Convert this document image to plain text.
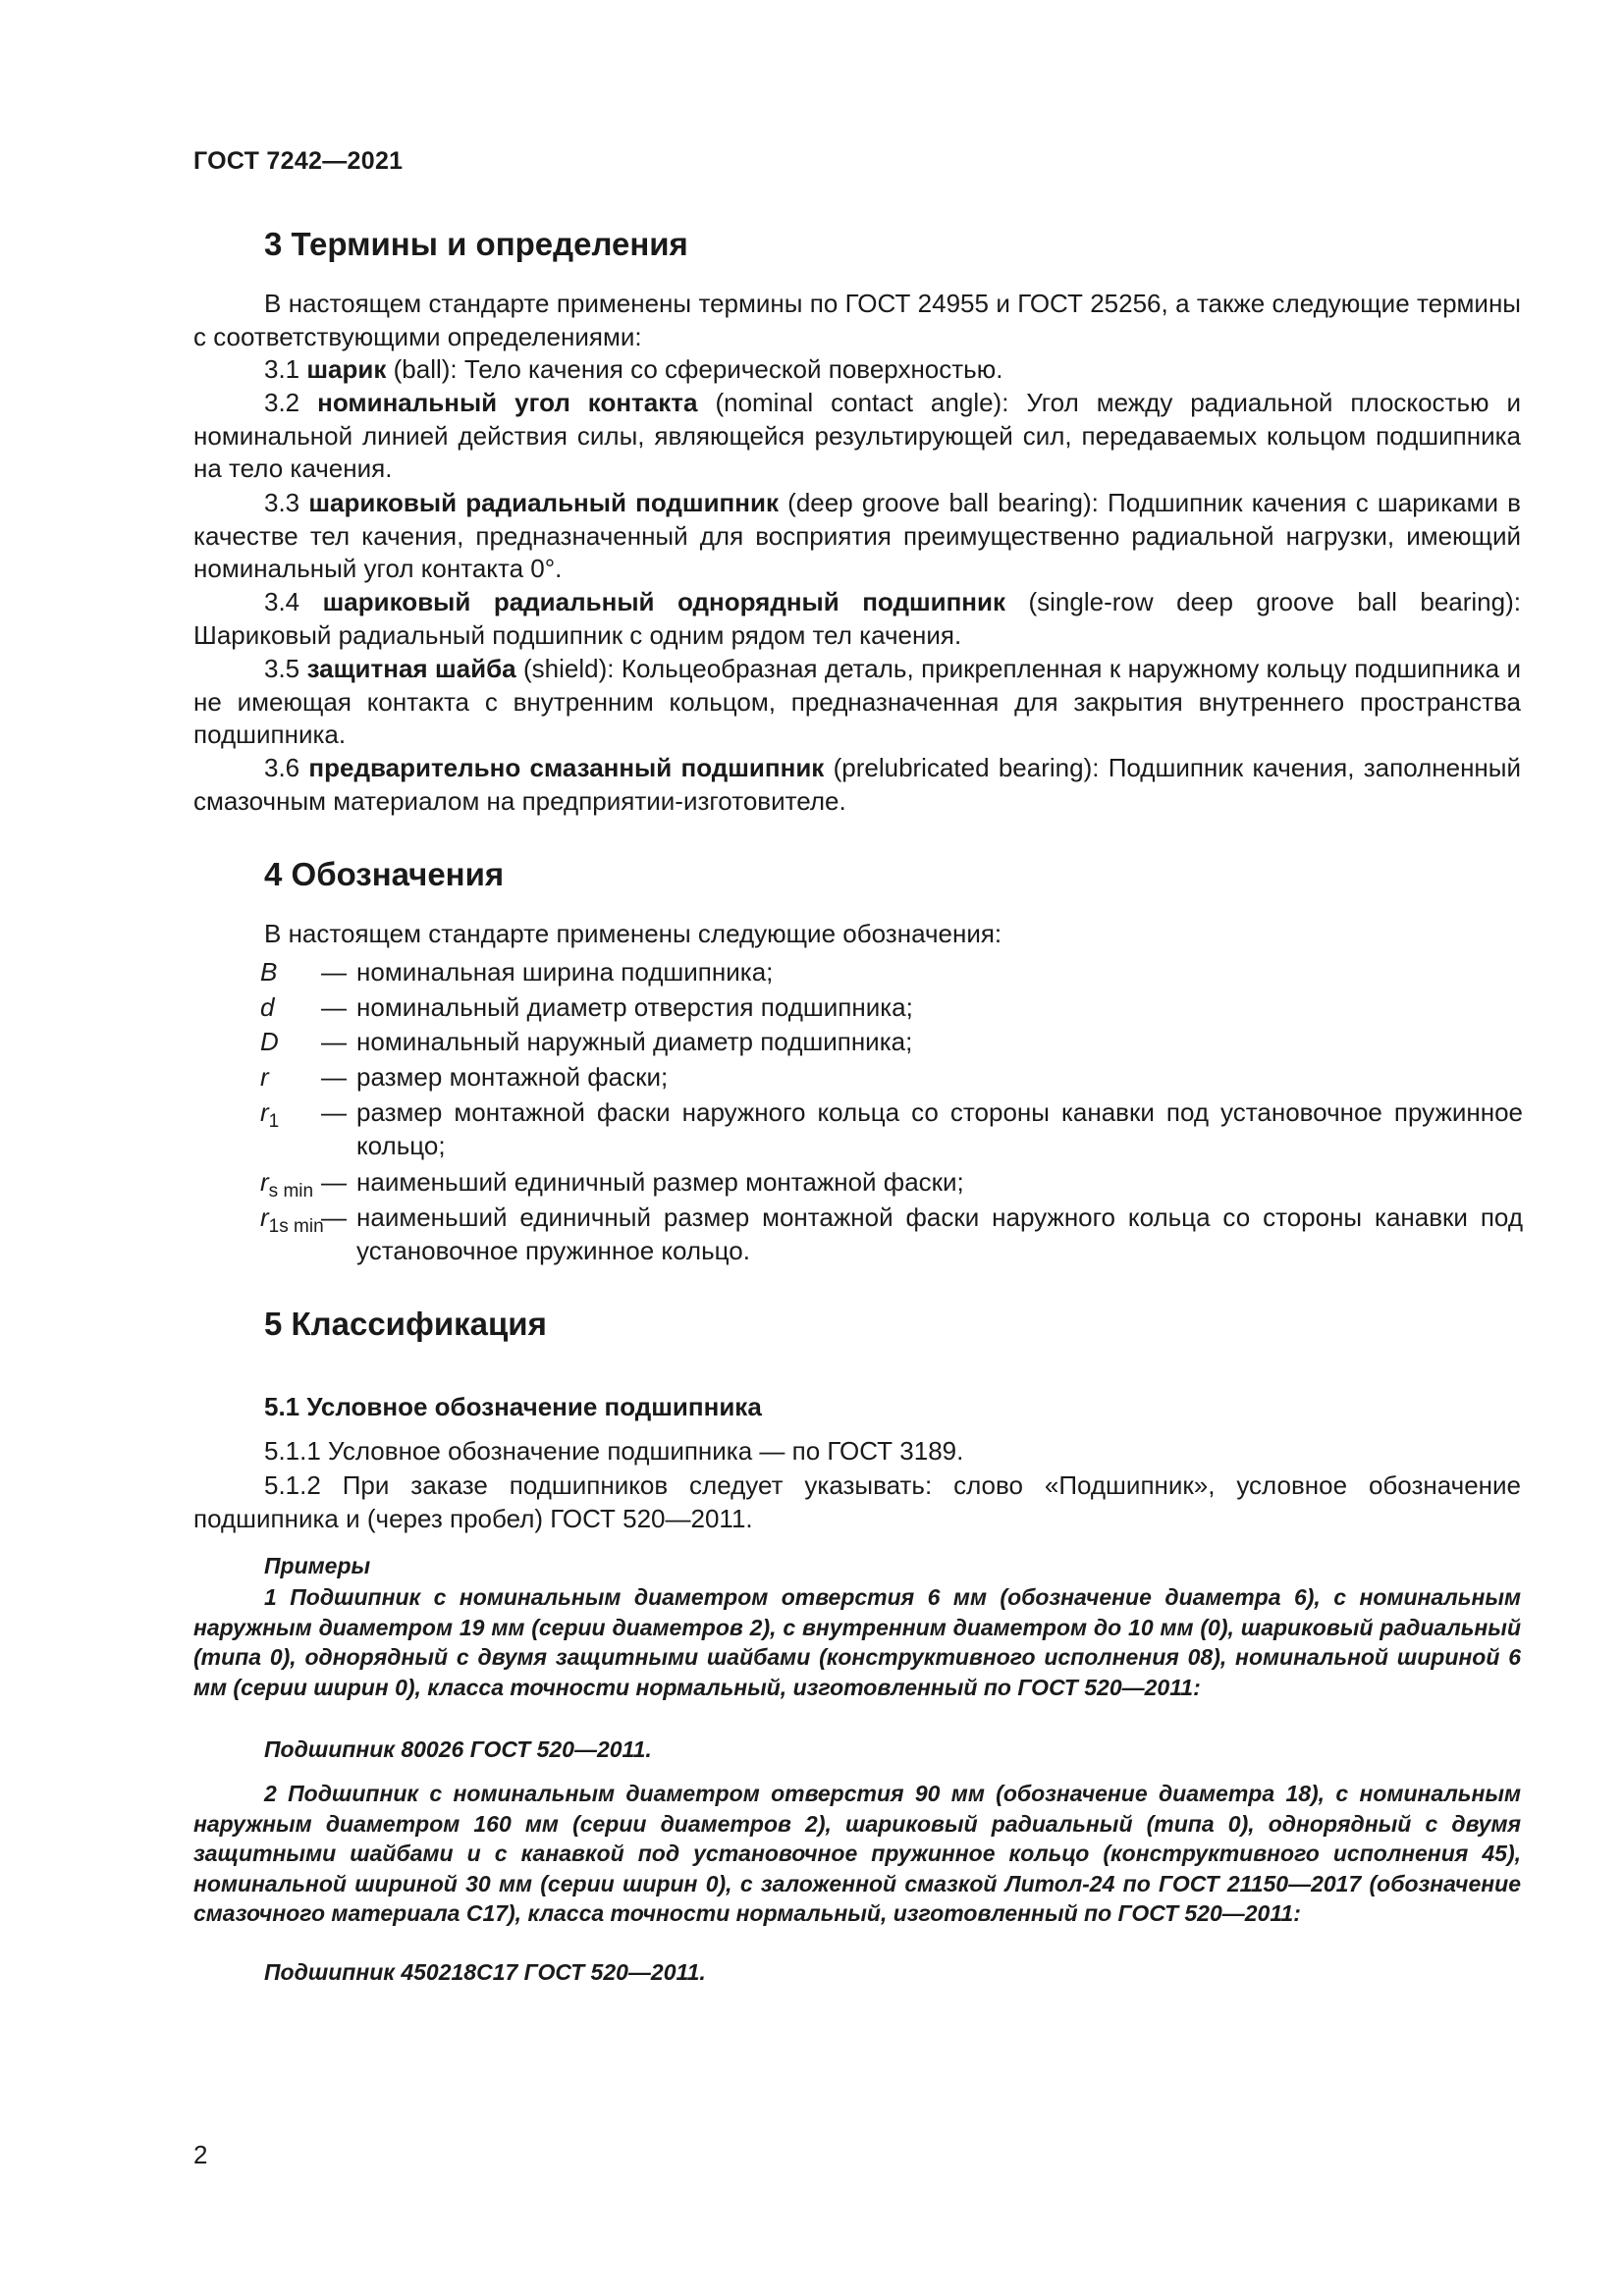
ГОСТ 7242—2021
3 Термины и определения

В настоящем стандарте применены термины по ГОСТ 24955 и ГОСТ 25256, а также следующие термины с соответствующими определениями:

3.1 шарик (ball): Тело качения со сферической поверхностью.

3.2 номинальный угол контакта (nominal contact angle): Угол между радиальной плоскостью и номинальной линией действия силы, являющейся результирующей сил, передаваемых кольцом подшипника на тело качения.

3.3 шариковый радиальный подшипник (deep groove ball bearing): Подшипник качения с шариками в качестве тел качения, предназначенный для восприятия преимущественно радиальной нагрузки, имеющий номинальный угол контакта 0°.

3.4 шариковый радиальный однорядный подшипник (single-row deep groove ball bearing): Шариковый радиальный подшипник с одним рядом тел качения.

3.5 защитная шайба (shield): Кольцеобразная деталь, прикрепленная к наружному кольцу подшипника и не имеющая контакта с внутренним кольцом, предназначенная для закрытия внутреннего пространства подшипника.

3.6 предварительно смазанный подшипник (prelubricated bearing): Подшипник качения, заполненный смазочным материалом на предприятии-изготовителе.

4 Обозначения

В настоящем стандарте применены следующие обозначения:

B — номинальная ширина подшипника;
d — номинальный диаметр отверстия подшипника;
D — номинальный наружный диаметр подшипника;
r — размер монтажной фаски;
$r_1$ — размер монтажной фаски наружного кольца со стороны канавки под установочное пружинное кольцо;
$r_{s min}$ — наименьший единичный размер монтажной фаски;
$r_{1s min}$
— наименьший единичный размер монтажной фаски наружного кольца со стороны канавки под установочное пружинное кольцо.
5 Классификация
5.1 Условное обозначение подшипника

5.1.1 Условное обозначение подшипника — по ГОСТ 3189.

5.1.2 При заказе подшипников следует указывать: слово «Подшипник», условное обозначение подшипника и (через пробел) ГОСТ 520—2011.

Примеры

1 Подшипник с номинальным диаметром отверстия 6 мм (обозначение диаметра 6), с номинальным наружным диаметром 19 мм (серии диаметров 2), с внутренним диаметром до 10 мм (0), шариковый радиальный (типа 0), однорядный с двумя защитными шайбами (конструктивного исполнения 08), номинальной шириной 6 мм (серии ширин 0), класса точности нормальный, изготовленный по ГОСТ 520—2011:

Подшипник 80026 ГОСТ 520—2011.

2 Подшипник с номинальным диаметром отверстия 90 мм (обозначение диаметра 18), с номинальным наружным диаметром 160 мм (серии диаметров 2), шариковый радиальный (типа 0), однорядный с двумя защитными шайбами и с канавкой под установочное пружинное кольцо (конструктивного исполнения 45), номинальной шириной 30 мм (серии ширин 0), с заложенной смазкой Литол-24 по ГОСТ 21150—2017 (обозначение смазочного материала С17), класса точности нормальный, изготовленный по ГОСТ 520—2011:

Подшипник 450218С17 ГОСТ 520—2011.

2
